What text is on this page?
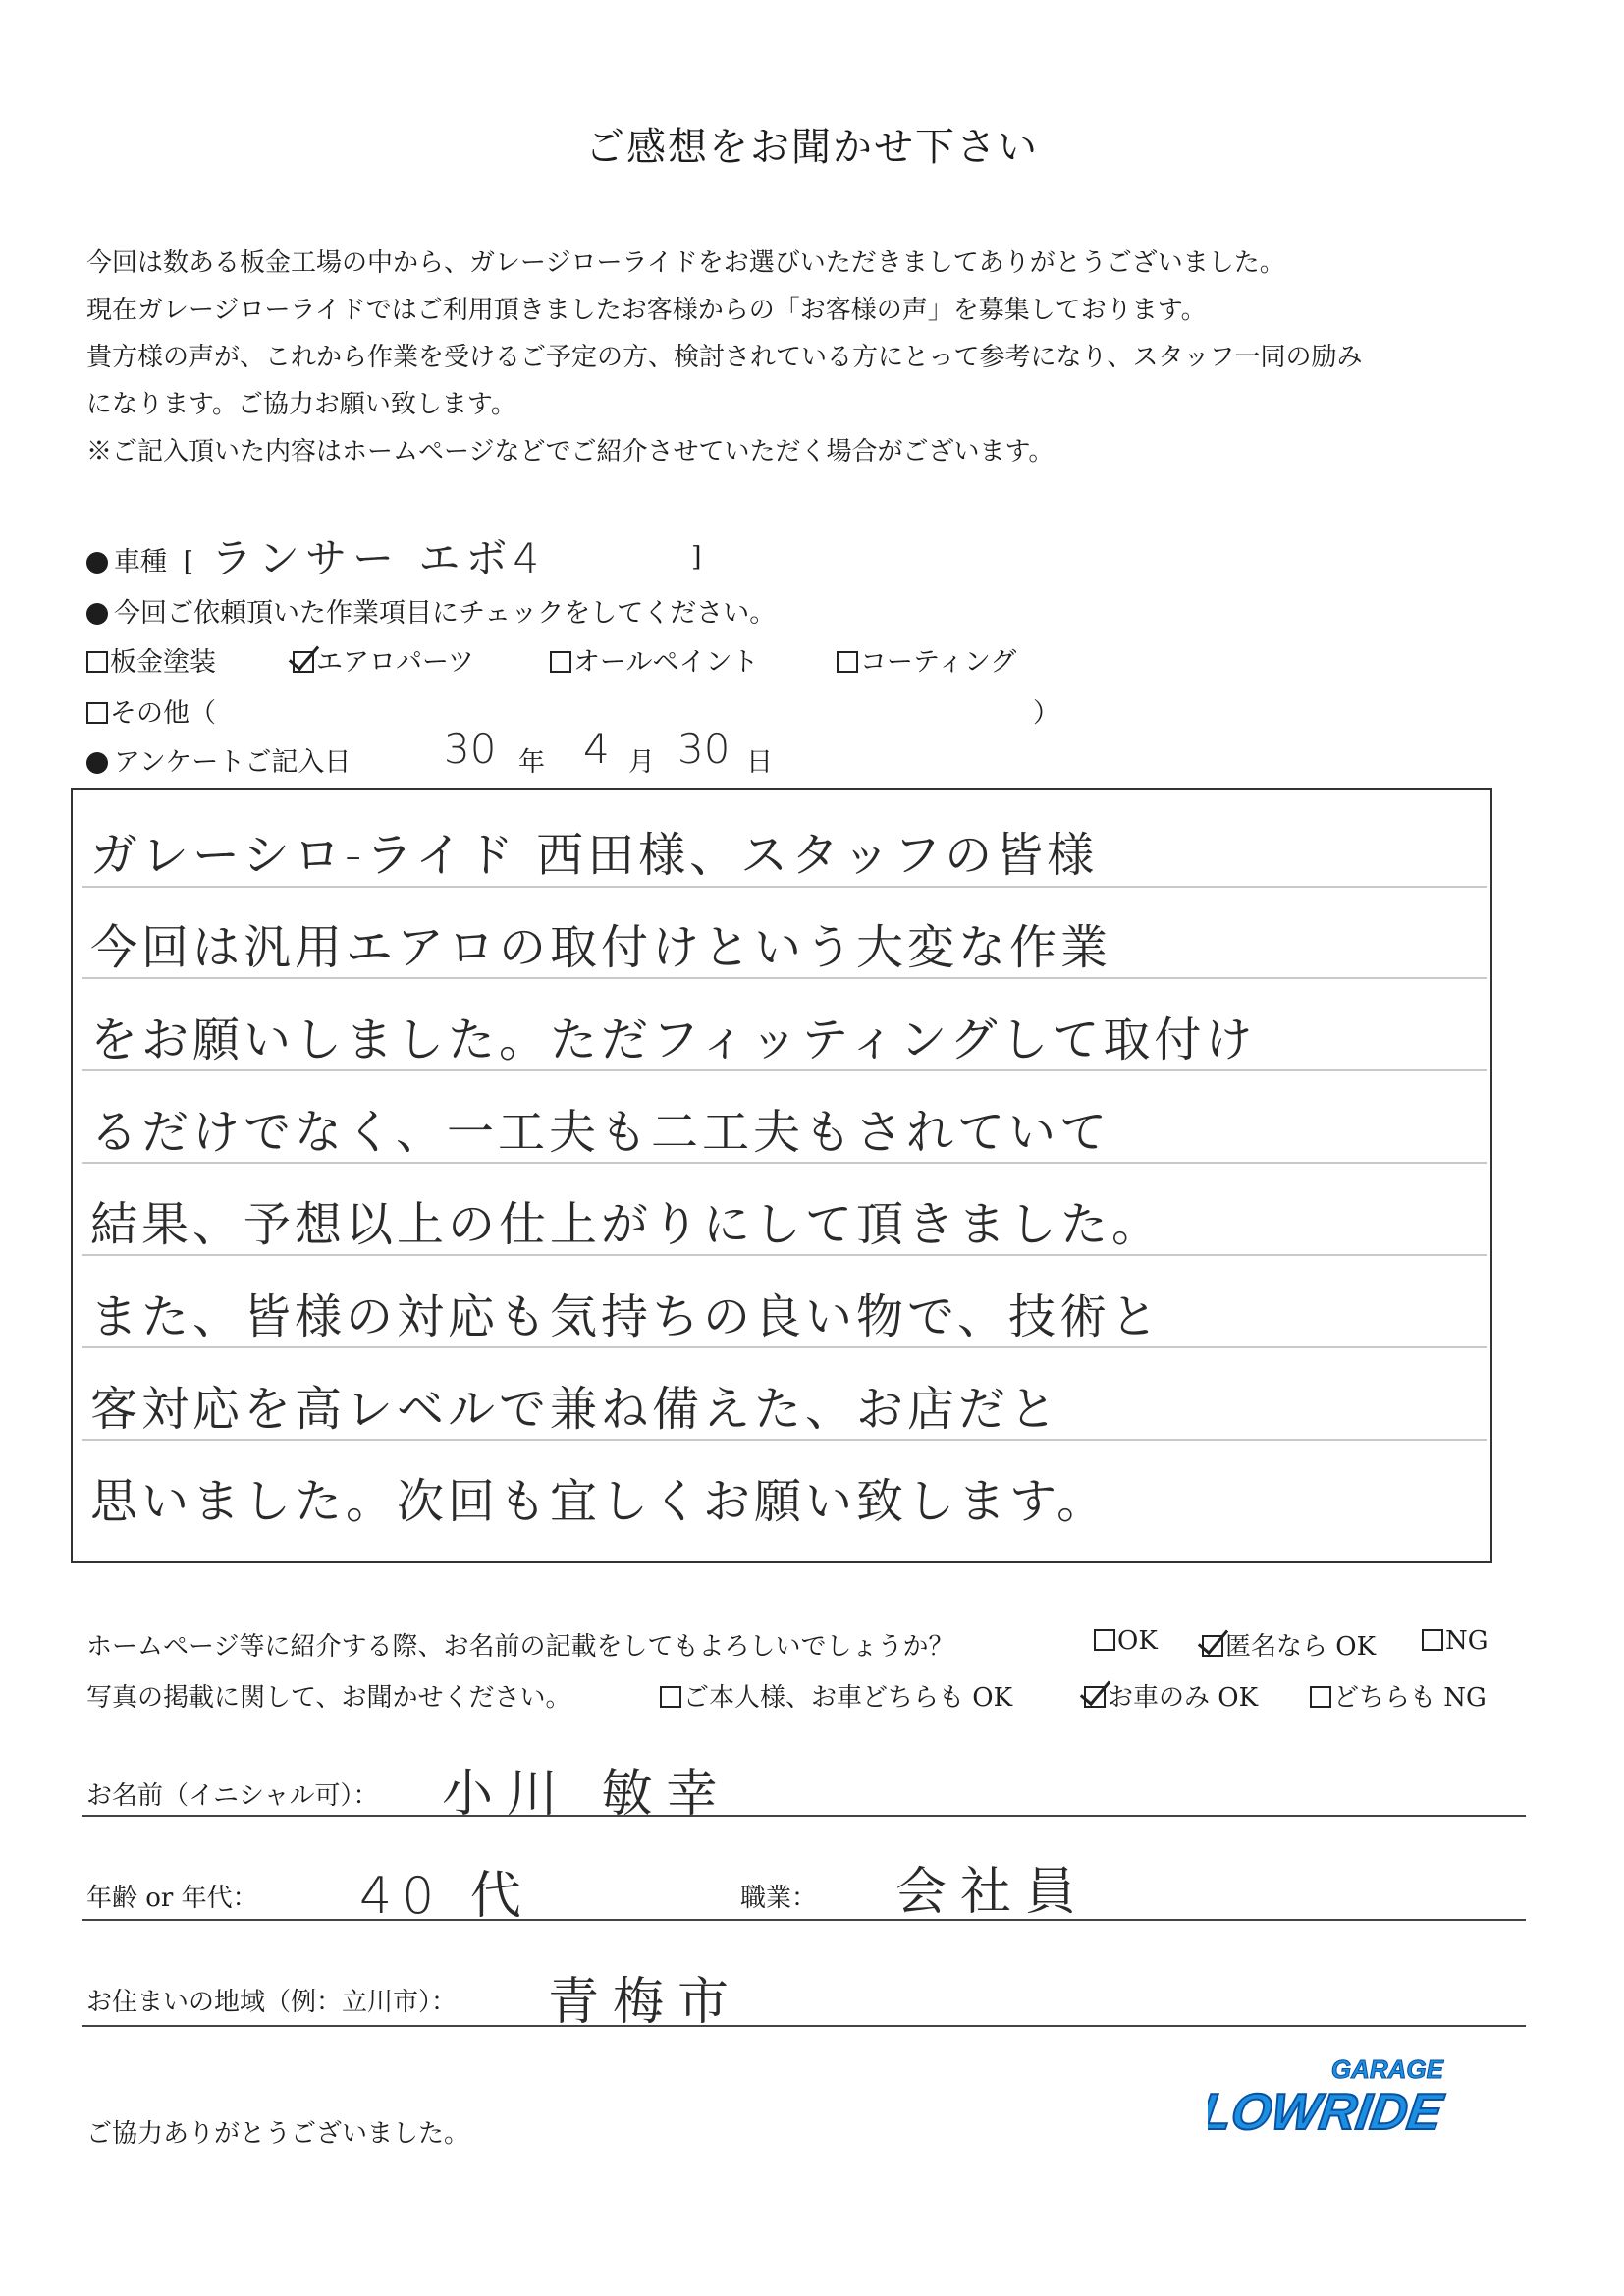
ご感想をお聞かせ下さい
今回は数ある板金工場の中から、ガレージローライドをお選びいただきましてありがとうございました。
現在ガレージローライドではご利用頂きましたお客様からの「お客様の声」を募集しております。
貴方様の声が、これから作業を受けるご予定の方、検討されている方にとって参考になり、スタッフ一同の励み
になります。ご協力お願い致します。
※ご記入頂いた内容はホームページなどでご紹介させていただく場合がございます。
車種 [ ランサー エボ4	]
今回ご依頼頂いた作業項目にチェックをしてください。
板金塗装	エアロパーツ	オールペイント	コーティング
その他（	）
アンケートご記入日 30 年 4 月 30 日
ガレーシロ-ライド 西田様、スタッフの皆様
今回は汎用エアロの取付けという大変な作業
をお願いしました。ただフィッティングして取付け
るだけでなく、一工夫も二工夫もされていて
結果、予想以上の仕上がりにして頂きました。
また、皆様の対応も気持ちの良い物で、技術と
客対応を高レベルで兼ね備えた、お店だと
思いました。次回も宜しくお願い致します。
ホームページ等に紹介する際、お名前の記載をしてもよろしいでしょうか？	OK	匿名なら OK	NG
写真の掲載に関して、お聞かせください。	ご本人様、お車どちらも OK	お車のみ OK	どちらも NG
お名前（イニシャル可）： 小川 敏幸
年齢 or 年代： 40 代	職業： 会社員
お住まいの地域（例：立川市）： 青梅市
ご協力ありがとうございました。
GARAGE
LOWRIDE
